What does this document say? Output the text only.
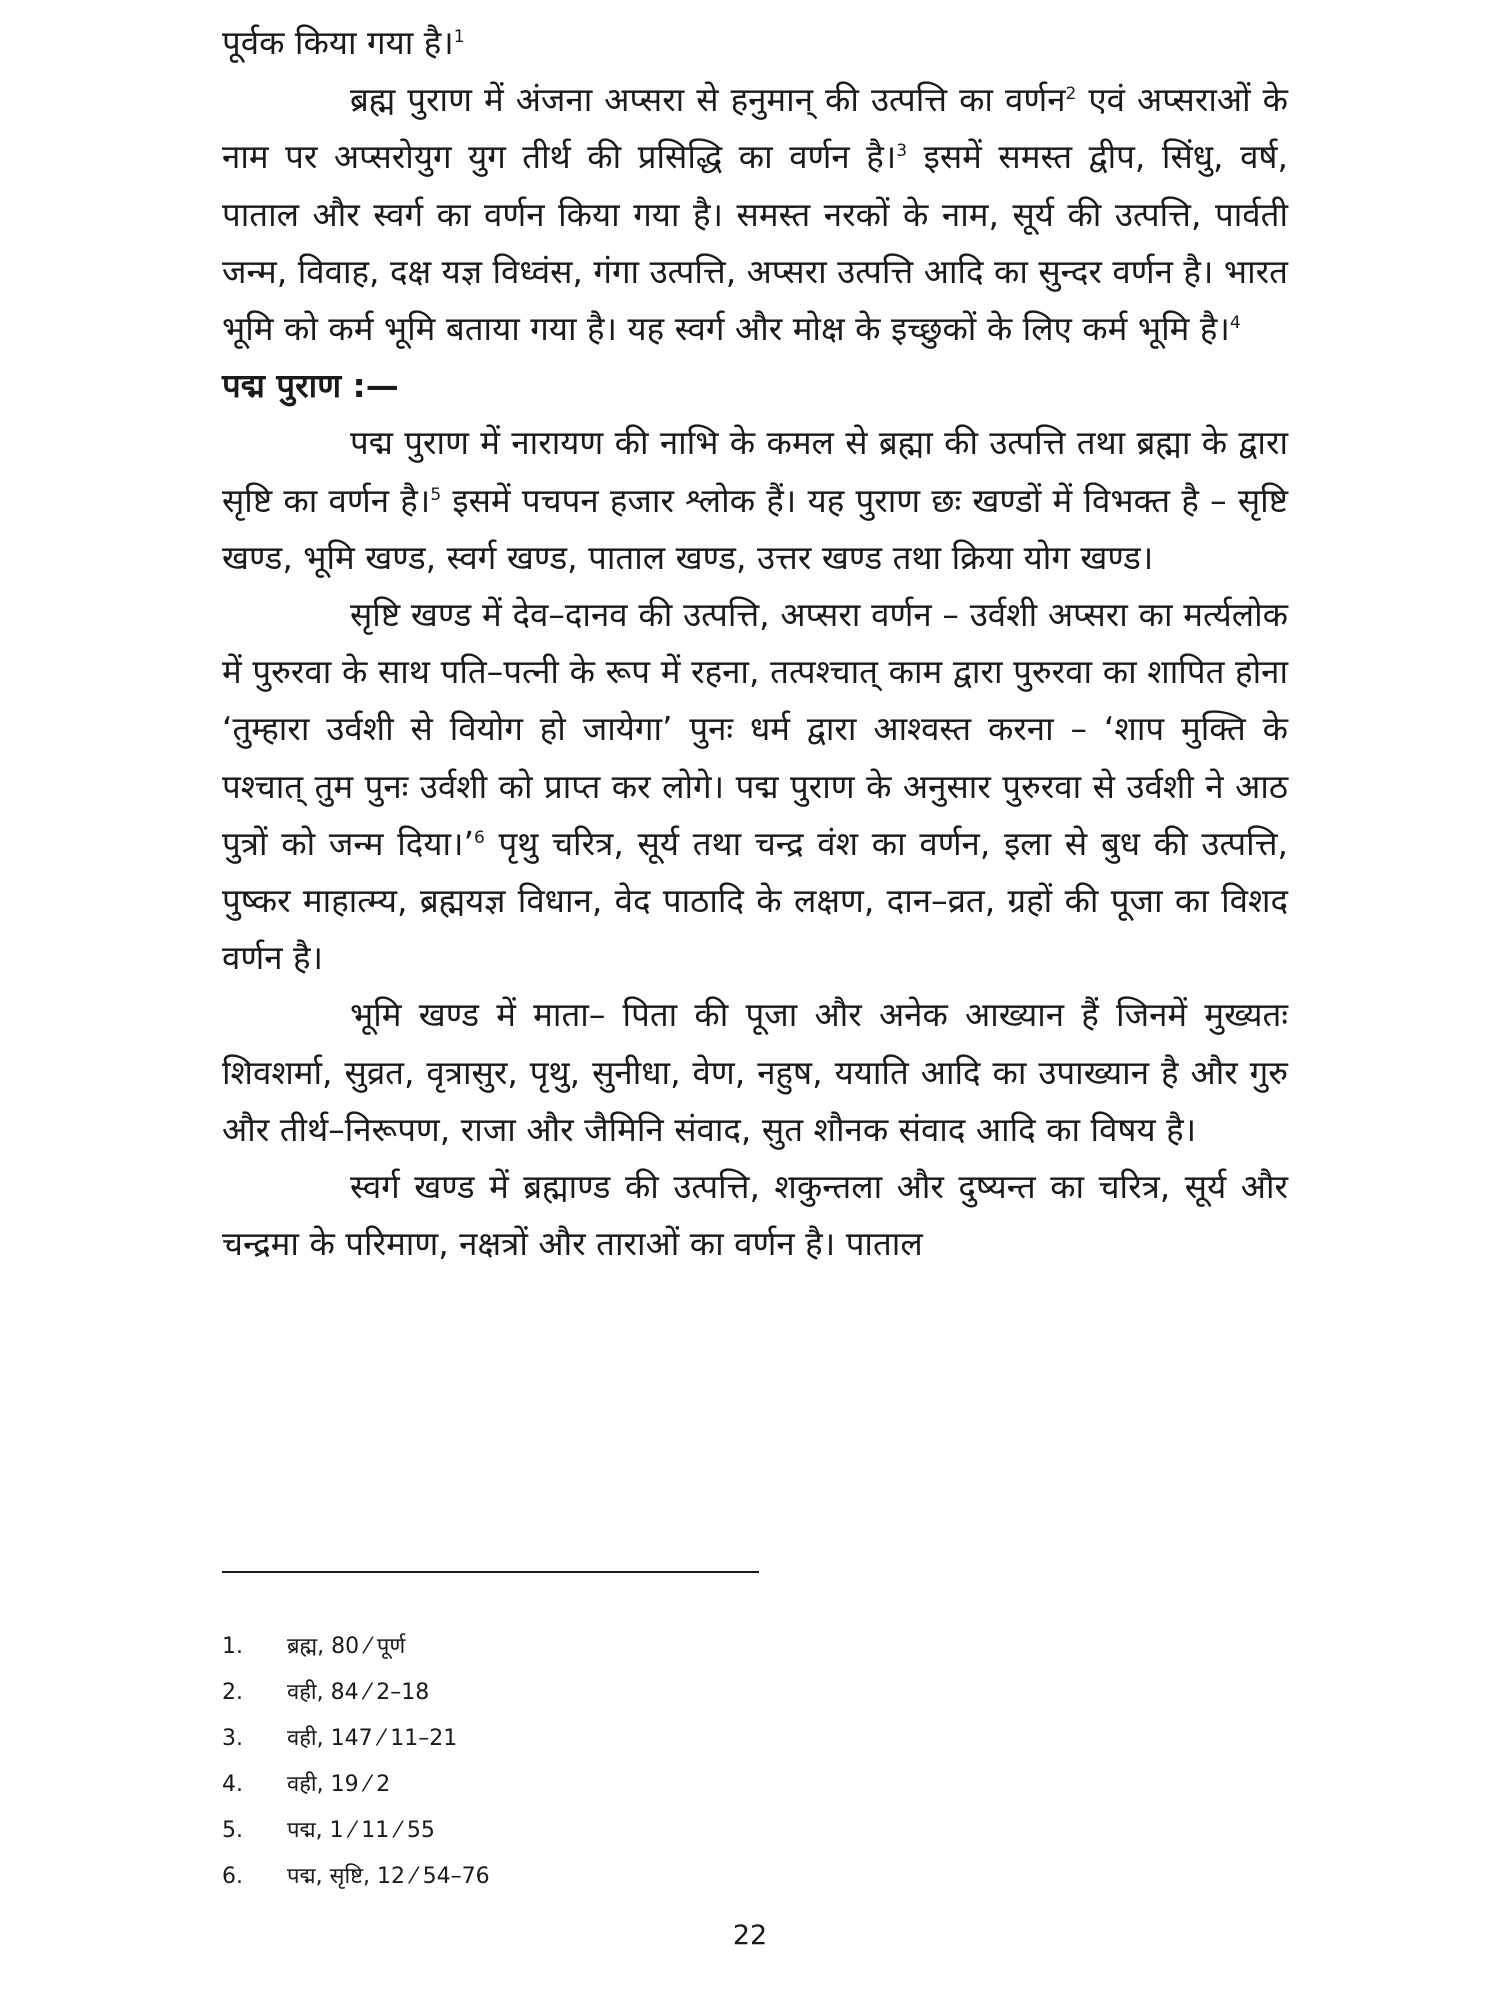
पूर्वक किया गया है।$^1$

ब्रह्म पुराण में अंजना अप्सरा से हनुमान् की उत्पत्ति का वर्णन$^2$ एवं अप्सराओं के नाम पर अप्सरोयुग युग तीर्थ की प्रसिद्धि का वर्णन है।$^3$ इसमें समस्त द्वीप, सिंधु, वर्ष, पाताल और स्वर्ग का वर्णन किया गया है। समस्त नरकों के नाम, सूर्य की उत्पत्ति, पार्वती जन्म, विवाह, दक्ष यज्ञ विध्वंस, गंगा उत्पत्ति, अप्सरा उत्पत्ति आदि का सुन्दर वर्णन है। भारत भूमि को कर्म भूमि बताया गया है। यह स्वर्ग और मोक्ष के इच्छुकों के लिए कर्म भूमि है।$^4$

पद्म पुराण :—

पद्म पुराण में नारायण की नाभि के कमल से ब्रह्मा की उत्पत्ति तथा ब्रह्मा के द्वारा सृष्टि का वर्णन है।$^5$ इसमें पचपन हजार श्लोक हैं। यह पुराण छः खण्डों में विभक्त है – सृष्टि खण्ड, भूमि खण्ड, स्वर्ग खण्ड, पाताल खण्ड, उत्तर खण्ड तथा क्रिया योग खण्ड।

सृष्टि खण्ड में देव–दानव की उत्पत्ति, अप्सरा वर्णन – उर्वशी अप्सरा का मर्त्यलोक में पुरुरवा के साथ पति–पत्नी के रूप में रहना, तत्पश्चात् काम द्वारा पुरुरवा का शापित होना ‘तुम्हारा उर्वशी से वियोग हो जायेगा’ पुनः धर्म द्वारा आश्वस्त करना – ‘शाप मुक्ति के पश्चात् तुम पुनः उर्वशी को प्राप्त कर लोगे। पद्म पुराण के अनुसार पुरुरवा से उर्वशी ने आठ पुत्रों को जन्म दिया।’$^6$ पृथु चरित्र, सूर्य तथा चन्द्र वंश का वर्णन, इला से बुध की उत्पत्ति, पुष्कर माहात्म्य, ब्रह्मयज्ञ विधान, वेद पाठादि के लक्षण, दान–व्रत, ग्रहों की पूजा का विशद वर्णन है।

भूमि खण्ड में माता– पिता की पूजा और अनेक आख्यान हैं जिनमें मुख्यतः शिवशर्मा, सुव्रत, वृत्रासुर, पृथु, सुनीधा, वेण, नहुष, ययाति आदि का उपाख्यान है और गुरु और तीर्थ–निरूपण, राजा और जैमिनि संवाद, सुत शौनक संवाद आदि का विषय है।

स्वर्ग खण्ड में ब्रह्माण्ड की उत्पत्ति, शकुन्तला और दुष्यन्त का चरित्र, सूर्य और चन्द्रमा के परिमाण, नक्षत्रों और ताराओं का वर्णन है। पाताल

1.	ब्रह्म, 80 ⁄ पूर्ण
2.	वही, 84 ⁄ 2–18
3.	वही, 147 ⁄ 11–21
4.	वही, 19 ⁄ 2
5.	पद्म, 1 ⁄ 11 ⁄ 55
6.	पद्म, सृष्टि, 12 ⁄ 54–76
22
